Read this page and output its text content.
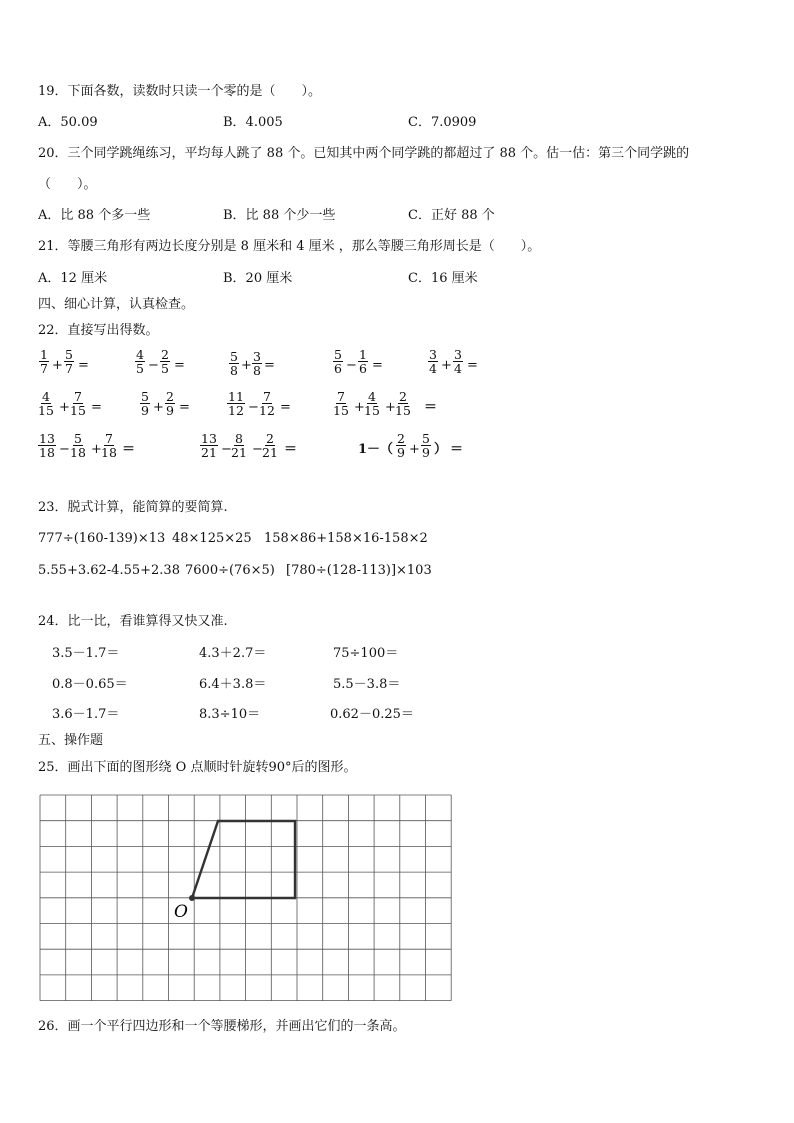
19．下面各数，读数时只读一个零的是（　　）。
A．50.09	B．4.005	C．7.0909
20．三个同学跳绳练习，平均每人跳了 88 个。已知其中两个同学跳的都超过了 88 个。估一估：第三个同学跳的
（　　）。
A．比 88 个多一些	B．比 88 个少一些	C．正好 88 个
21．等腰三角形有两边长度分别是 8 厘米和 4 厘米 ，那么等腰三角形周长是（　　）。
A．12 厘米	B．20 厘米	C．16 厘米
四、细心计算，认真检查。
22．直接写出得数。
$\frac{1}{7} + \frac{5}{7}$ =	$\frac{4}{5} - \frac{2}{5}$ =	$\frac{5}{8} + \frac{3}{8}$ =	$\frac{5}{6} - \frac{1}{6}$ =	$\frac{3}{4} + \frac{3}{4}$ =
$\frac{4}{15} + \frac{7}{15}$ =	$\frac{5}{9} + \frac{2}{9}$ =	$\frac{11}{12} - \frac{7}{12}$ =	$\frac{7}{15} + \frac{4}{15} + \frac{2}{15}$ ＝
$\frac{13}{18} - \frac{5}{18} + \frac{7}{18}$ ＝	$\frac{13}{21} - \frac{8}{21} - \frac{2}{21}$ ＝	$1-( \frac{2}{9} + \frac{5}{9}$ ） ＝
23．脱式计算，能简算的要简算.
777÷(160-139)×13 48×125×25 158×86+158×16-158×2
5.55+3.62-4.55+2.38 7600÷(76×5) [780÷(128-113)]×103
24．比一比，看谁算得又快又准.
3.5－1.7＝	4.3＋2.7＝	75÷100＝
0.8－0.65＝	6.4＋3.8＝	5.5－3.8＝
3.6－1.7＝	8.3÷10＝	0.62－0.25＝
五、操作题
25．画出下面的图形绕 O 点顺时针旋转90°后的图形。
O
26．画一个平行四边形和一个等腰梯形，并画出它们的一条高。
